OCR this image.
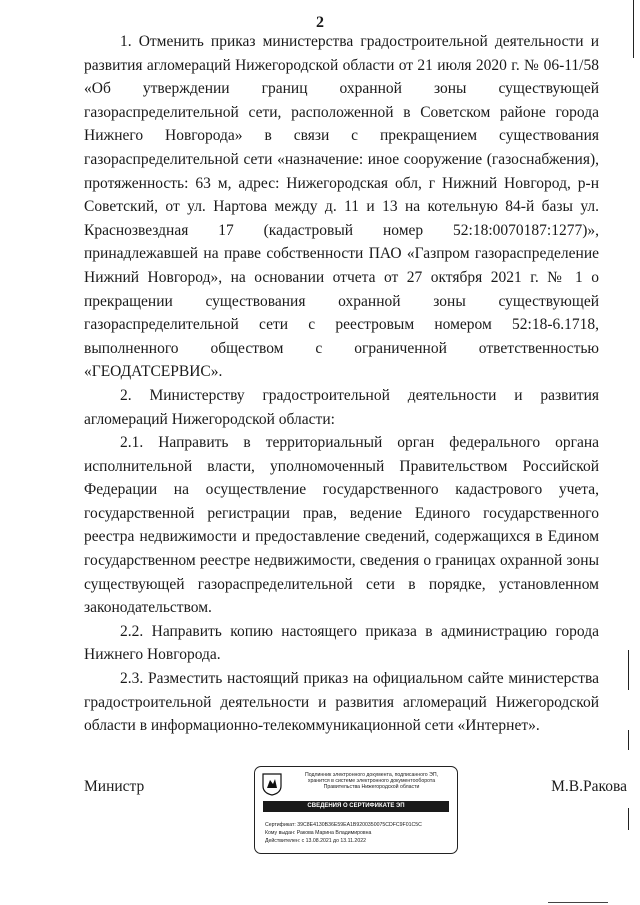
2

1. Отменить приказ министерства градостроительной деятельности и развития агломераций Нижегородской области от 21 июля 2020 г. № 06-11/58 «Об утверждении границ охранной зоны существующей газораспределительной сети, расположенной в Советском районе города Нижнего Новгорода» в связи с прекращением существования газораспределительной сети «назначение: иное сооружение (газоснабжения), протяженность: 63 м, адрес: Нижегородская обл, г Нижний Новгород, р-н Советский, от ул. Нартова между д. 11 и 13 на котельную 84-й базы ул. Краснозвездная 17 (кадастровый номер 52:18:0070187:1277)», принадлежавшей на праве собственности ПАО «Газпром газораспределение Нижний Новгород», на основании отчета от 27 октября 2021 г. № 1 о прекращении существования охранной зоны существующей газораспределительной сети с реестровым номером 52:18-6.1718, выполненного обществом с ограниченной ответственностью «ГЕОДАТСЕРВИС».

2. Министерству градостроительной деятельности и развития агломераций Нижегородской области:

2.1. Направить в территориальный орган федерального органа исполнительной власти, уполномоченный Правительством Российской Федерации на осуществление государственного кадастрового учета, государственной регистрации прав, ведение Единого государственного реестра недвижимости и предоставление сведений, содержащихся в Едином государственном реестре недвижимости, сведения о границах охранной зоны существующей газораспределительной сети в порядке, установленном законодательством.

2.2. Направить копию настоящего приказа в администрацию города Нижнего Новгорода.

2.3. Разместить настоящий приказ на официальном сайте министерства градостроительной деятельности и развития агломераций Нижегородской области в информационно-телекоммуникационной сети «Интернет».

Министр
Подлинник электронного документа, подписанного ЭП,
хранится в системе электронного документооборота
Правительства Нижегородской области
СВЕДЕНИЯ О СЕРТИФИКАТЕ ЭП
Сертификат: 39C8E4130B36E59EA1B9200350075CDFC9F01C5C
Кому выдан: Ракова Марина Владимировна
Действителен: с 13.08.2021 до 13.11.2022
М.В.Ракова
